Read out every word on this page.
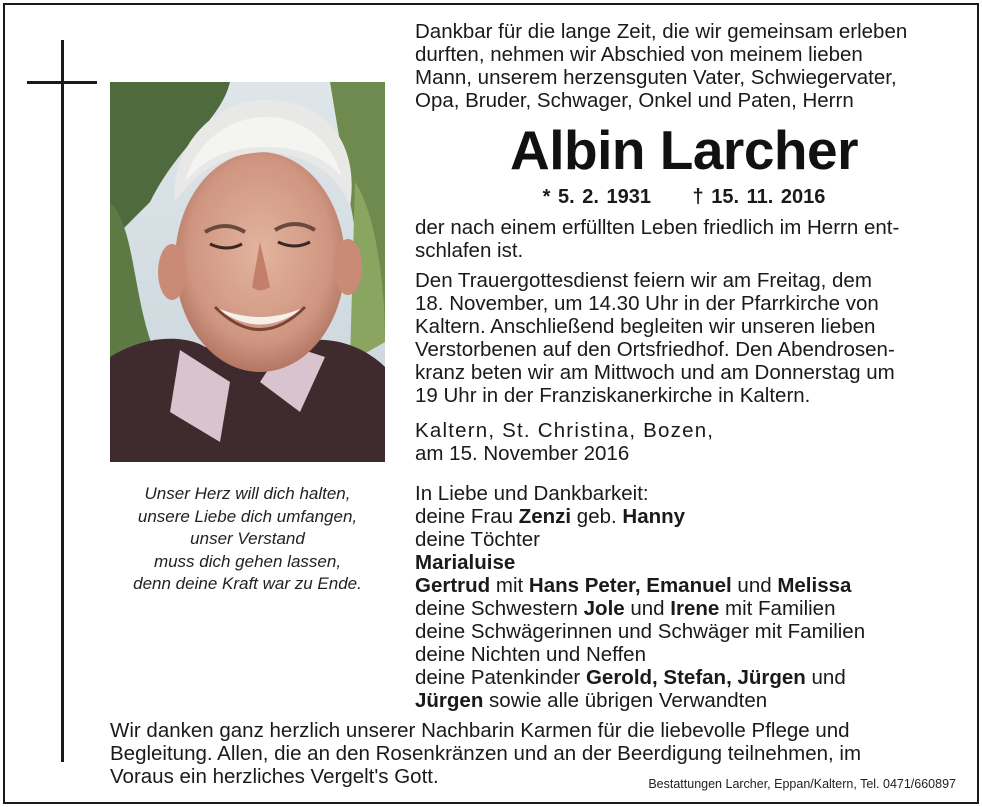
Unser Herz will dich halten,
unsere Liebe dich umfangen,
unser Verstand
muss dich gehen lassen,
denn deine Kraft war zu Ende.
Dankbar für die lange Zeit, die wir gemeinsam erleben
durften, nehmen wir Abschied von meinem lieben
Mann, unserem herzensguten Vater, Schwiegervater,
Opa, Bruder, Schwager, Onkel und Paten, Herrn
Albin Larcher
* 5. 2. 1931 † 15. 11. 2016
der nach einem erfüllten Leben friedlich im Herrn ent-
schlafen ist.
Den Trauergottesdienst feiern wir am Freitag, dem
18. November, um 14.30 Uhr in der Pfarrkirche von
Kaltern. Anschließend begleiten wir unseren lieben
Verstorbenen auf den Ortsfriedhof. Den Abendrosen-
kranz beten wir am Mittwoch und am Donnerstag um
19 Uhr in der Franziskanerkirche in Kaltern.
Kaltern, St. Christina, Bozen,
am 15. November 2016
In Liebe und Dankbarkeit:
deine Frau Zenzi geb. Hanny
deine Töchter
Marialuise
Gertrud mit Hans Peter, Emanuel und Melissa
deine Schwestern Jole und Irene mit Familien
deine Schwägerinnen und Schwäger mit Familien
deine Nichten und Neffen
deine Patenkinder Gerold, Stefan, Jürgen und
Jürgen sowie alle übrigen Verwandten
Wir danken ganz herzlich unserer Nachbarin Karmen für die liebevolle Pflege und
Begleitung. Allen, die an den Rosenkränzen und an der Beerdigung teilnehmen, im
Voraus ein herzliches Vergelt's Gott.	Bestattungen Larcher, Eppan/Kaltern, Tel. 0471/660897
